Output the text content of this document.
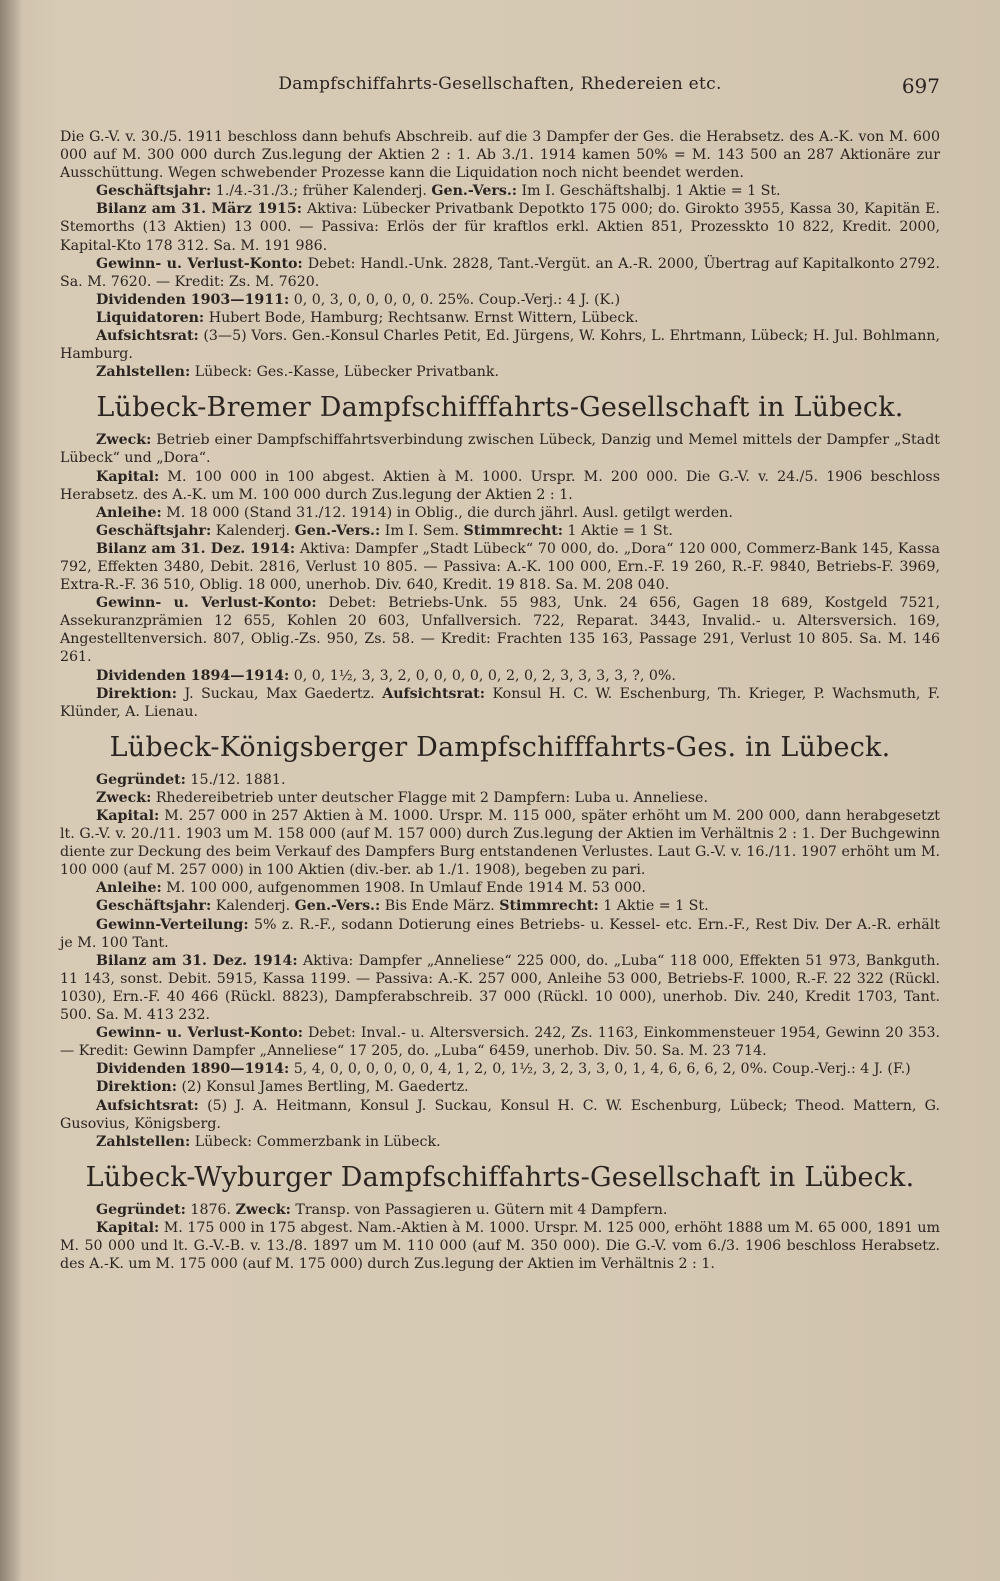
Dampfschiffahrts-Gesellschaften, Rhedereien etc.	697

Die G.-V. v. 30./5. 1911 beschloss dann behufs Abschreib. auf die 3 Dampfer der Ges. die Herabsetz. des A.-K. von M. 600 000 auf M. 300 000 durch Zus.legung der Aktien 2 : 1. Ab 3./1. 1914 kamen 50% = M. 143 500 an 287 Aktionäre zur Ausschüttung. Wegen schwebender Prozesse kann die Liquidation noch nicht beendet werden.

Geschäftsjahr: 1./4.-31./3.; früher Kalenderj. Gen.-Vers.: Im I. Geschäftshalbj. 1 Aktie = 1 St.

Bilanz am 31. März 1915: Aktiva: Lübecker Privatbank Depotkto 175 000; do. Girokto 3955, Kassa 30, Kapitän E. Stemorths (13 Aktien) 13 000. — Passiva: Erlös der für kraftlos erkl. Aktien 851, Prozesskto 10 822, Kredit. 2000, Kapital-Kto 178 312. Sa. M. 191 986.

Gewinn- u. Verlust-Konto: Debet: Handl.-Unk. 2828, Tant.-Vergüt. an A.-R. 2000, Übertrag auf Kapitalkonto 2792. Sa. M. 7620. — Kredit: Zs. M. 7620.

Dividenden 1903—1911: 0, 0, 3, 0, 0, 0, 0, 0. 25%. Coup.-Verj.: 4 J. (K.)

Liquidatoren: Hubert Bode, Hamburg; Rechtsanw. Ernst Wittern, Lübeck.

Aufsichtsrat: (3—5) Vors. Gen.-Konsul Charles Petit, Ed. Jürgens, W. Kohrs, L. Ehrtmann, Lübeck; H. Jul. Bohlmann, Hamburg.

Zahlstellen: Lübeck: Ges.-Kasse, Lübecker Privatbank.

Lübeck-Bremer Dampfschifffahrts-Gesellschaft in Lübeck.

Zweck: Betrieb einer Dampfschiffahrtsverbindung zwischen Lübeck, Danzig und Memel mittels der Dampfer „Stadt Lübeck“ und „Dora“.

Kapital: M. 100 000 in 100 abgest. Aktien à M. 1000. Urspr. M. 200 000. Die G.-V. v. 24./5. 1906 beschloss Herabsetz. des A.-K. um M. 100 000 durch Zus.legung der Aktien 2 : 1.

Anleihe: M. 18 000 (Stand 31./12. 1914) in Oblig., die durch jährl. Ausl. getilgt werden.

Geschäftsjahr: Kalenderj. Gen.-Vers.: Im I. Sem. Stimmrecht: 1 Aktie = 1 St.

Bilanz am 31. Dez. 1914: Aktiva: Dampfer „Stadt Lübeck“ 70 000, do. „Dora“ 120 000, Commerz-Bank 145, Kassa 792, Effekten 3480, Debit. 2816, Verlust 10 805. — Passiva: A.-K. 100 000, Ern.-F. 19 260, R.-F. 9840, Betriebs-F. 3969, Extra-R.-F. 36 510, Oblig. 18 000, unerhob. Div. 640, Kredit. 19 818. Sa. M. 208 040.

Gewinn- u. Verlust-Konto: Debet: Betriebs-Unk. 55 983, Unk. 24 656, Gagen 18 689, Kostgeld 7521, Assekuranzprämien 12 655, Kohlen 20 603, Unfallversich. 722, Reparat. 3443, Invalid.- u. Altersversich. 169, Angestelltenversich. 807, Oblig.-Zs. 950, Zs. 58. — Kredit: Frachten 135 163, Passage 291, Verlust 10 805. Sa. M. 146 261.

Dividenden 1894—1914: 0, 0, 1½, 3, 3, 2, 0, 0, 0, 0, 0, 2, 0, 2, 3, 3, 3, 3, ?, 0%.

Direktion: J. Suckau, Max Gaedertz. Aufsichtsrat: Konsul H. C. W. Eschenburg, Th. Krieger, P. Wachsmuth, F. Klünder, A. Lienau.

Lübeck-Königsberger Dampfschifffahrts-Ges. in Lübeck.

Gegründet: 15./12. 1881.

Zweck: Rhedereibetrieb unter deutscher Flagge mit 2 Dampfern: Luba u. Anneliese.

Kapital: M. 257 000 in 257 Aktien à M. 1000. Urspr. M. 115 000, später erhöht um M. 200 000, dann herabgesetzt lt. G.-V. v. 20./11. 1903 um M. 158 000 (auf M. 157 000) durch Zus.legung der Aktien im Verhältnis 2 : 1. Der Buchgewinn diente zur Deckung des beim Verkauf des Dampfers Burg entstandenen Verlustes. Laut G.-V. v. 16./11. 1907 erhöht um M. 100 000 (auf M. 257 000) in 100 Aktien (div.-ber. ab 1./1. 1908), begeben zu pari.

Anleihe: M. 100 000, aufgenommen 1908. In Umlauf Ende 1914 M. 53 000.

Geschäftsjahr: Kalenderj. Gen.-Vers.: Bis Ende März. Stimmrecht: 1 Aktie = 1 St.

Gewinn-Verteilung: 5% z. R.-F., sodann Dotierung eines Betriebs- u. Kessel- etc. Ern.-F., Rest Div. Der A.-R. erhält je M. 100 Tant.

Bilanz am 31. Dez. 1914: Aktiva: Dampfer „Anneliese“ 225 000, do. „Luba“ 118 000, Effekten 51 973, Bankguth. 11 143, sonst. Debit. 5915, Kassa 1199. — Passiva: A.-K. 257 000, Anleihe 53 000, Betriebs-F. 1000, R.-F. 22 322 (Rückl. 1030), Ern.-F. 40 466 (Rückl. 8823), Dampferabschreib. 37 000 (Rückl. 10 000), unerhob. Div. 240, Kredit 1703, Tant. 500. Sa. M. 413 232.

Gewinn- u. Verlust-Konto: Debet: Inval.- u. Altersversich. 242, Zs. 1163, Einkommensteuer 1954, Gewinn 20 353. — Kredit: Gewinn Dampfer „Anneliese“ 17 205, do. „Luba“ 6459, unerhob. Div. 50. Sa. M. 23 714.

Dividenden 1890—1914: 5, 4, 0, 0, 0, 0, 0, 0, 4, 1, 2, 0, 1½, 3, 2, 3, 3, 0, 1, 4, 6, 6, 6, 2, 0%. Coup.-Verj.: 4 J. (F.)

Direktion: (2) Konsul James Bertling, M. Gaedertz.

Aufsichtsrat: (5) J. A. Heitmann, Konsul J. Suckau, Konsul H. C. W. Eschenburg, Lübeck; Theod. Mattern, G. Gusovius, Königsberg.

Zahlstellen: Lübeck: Commerzbank in Lübeck.

Lübeck-Wyburger Dampfschiffahrts-Gesellschaft in Lübeck.

Gegründet: 1876. Zweck: Transp. von Passagieren u. Gütern mit 4 Dampfern.

Kapital: M. 175 000 in 175 abgest. Nam.-Aktien à M. 1000. Urspr. M. 125 000, erhöht 1888 um M. 65 000, 1891 um M. 50 000 und lt. G.-V.-B. v. 13./8. 1897 um M. 110 000 (auf M. 350 000). Die G.-V. vom 6./3. 1906 beschloss Herabsetz. des A.-K. um M. 175 000 (auf M. 175 000) durch Zus.legung der Aktien im Verhältnis 2 : 1.
